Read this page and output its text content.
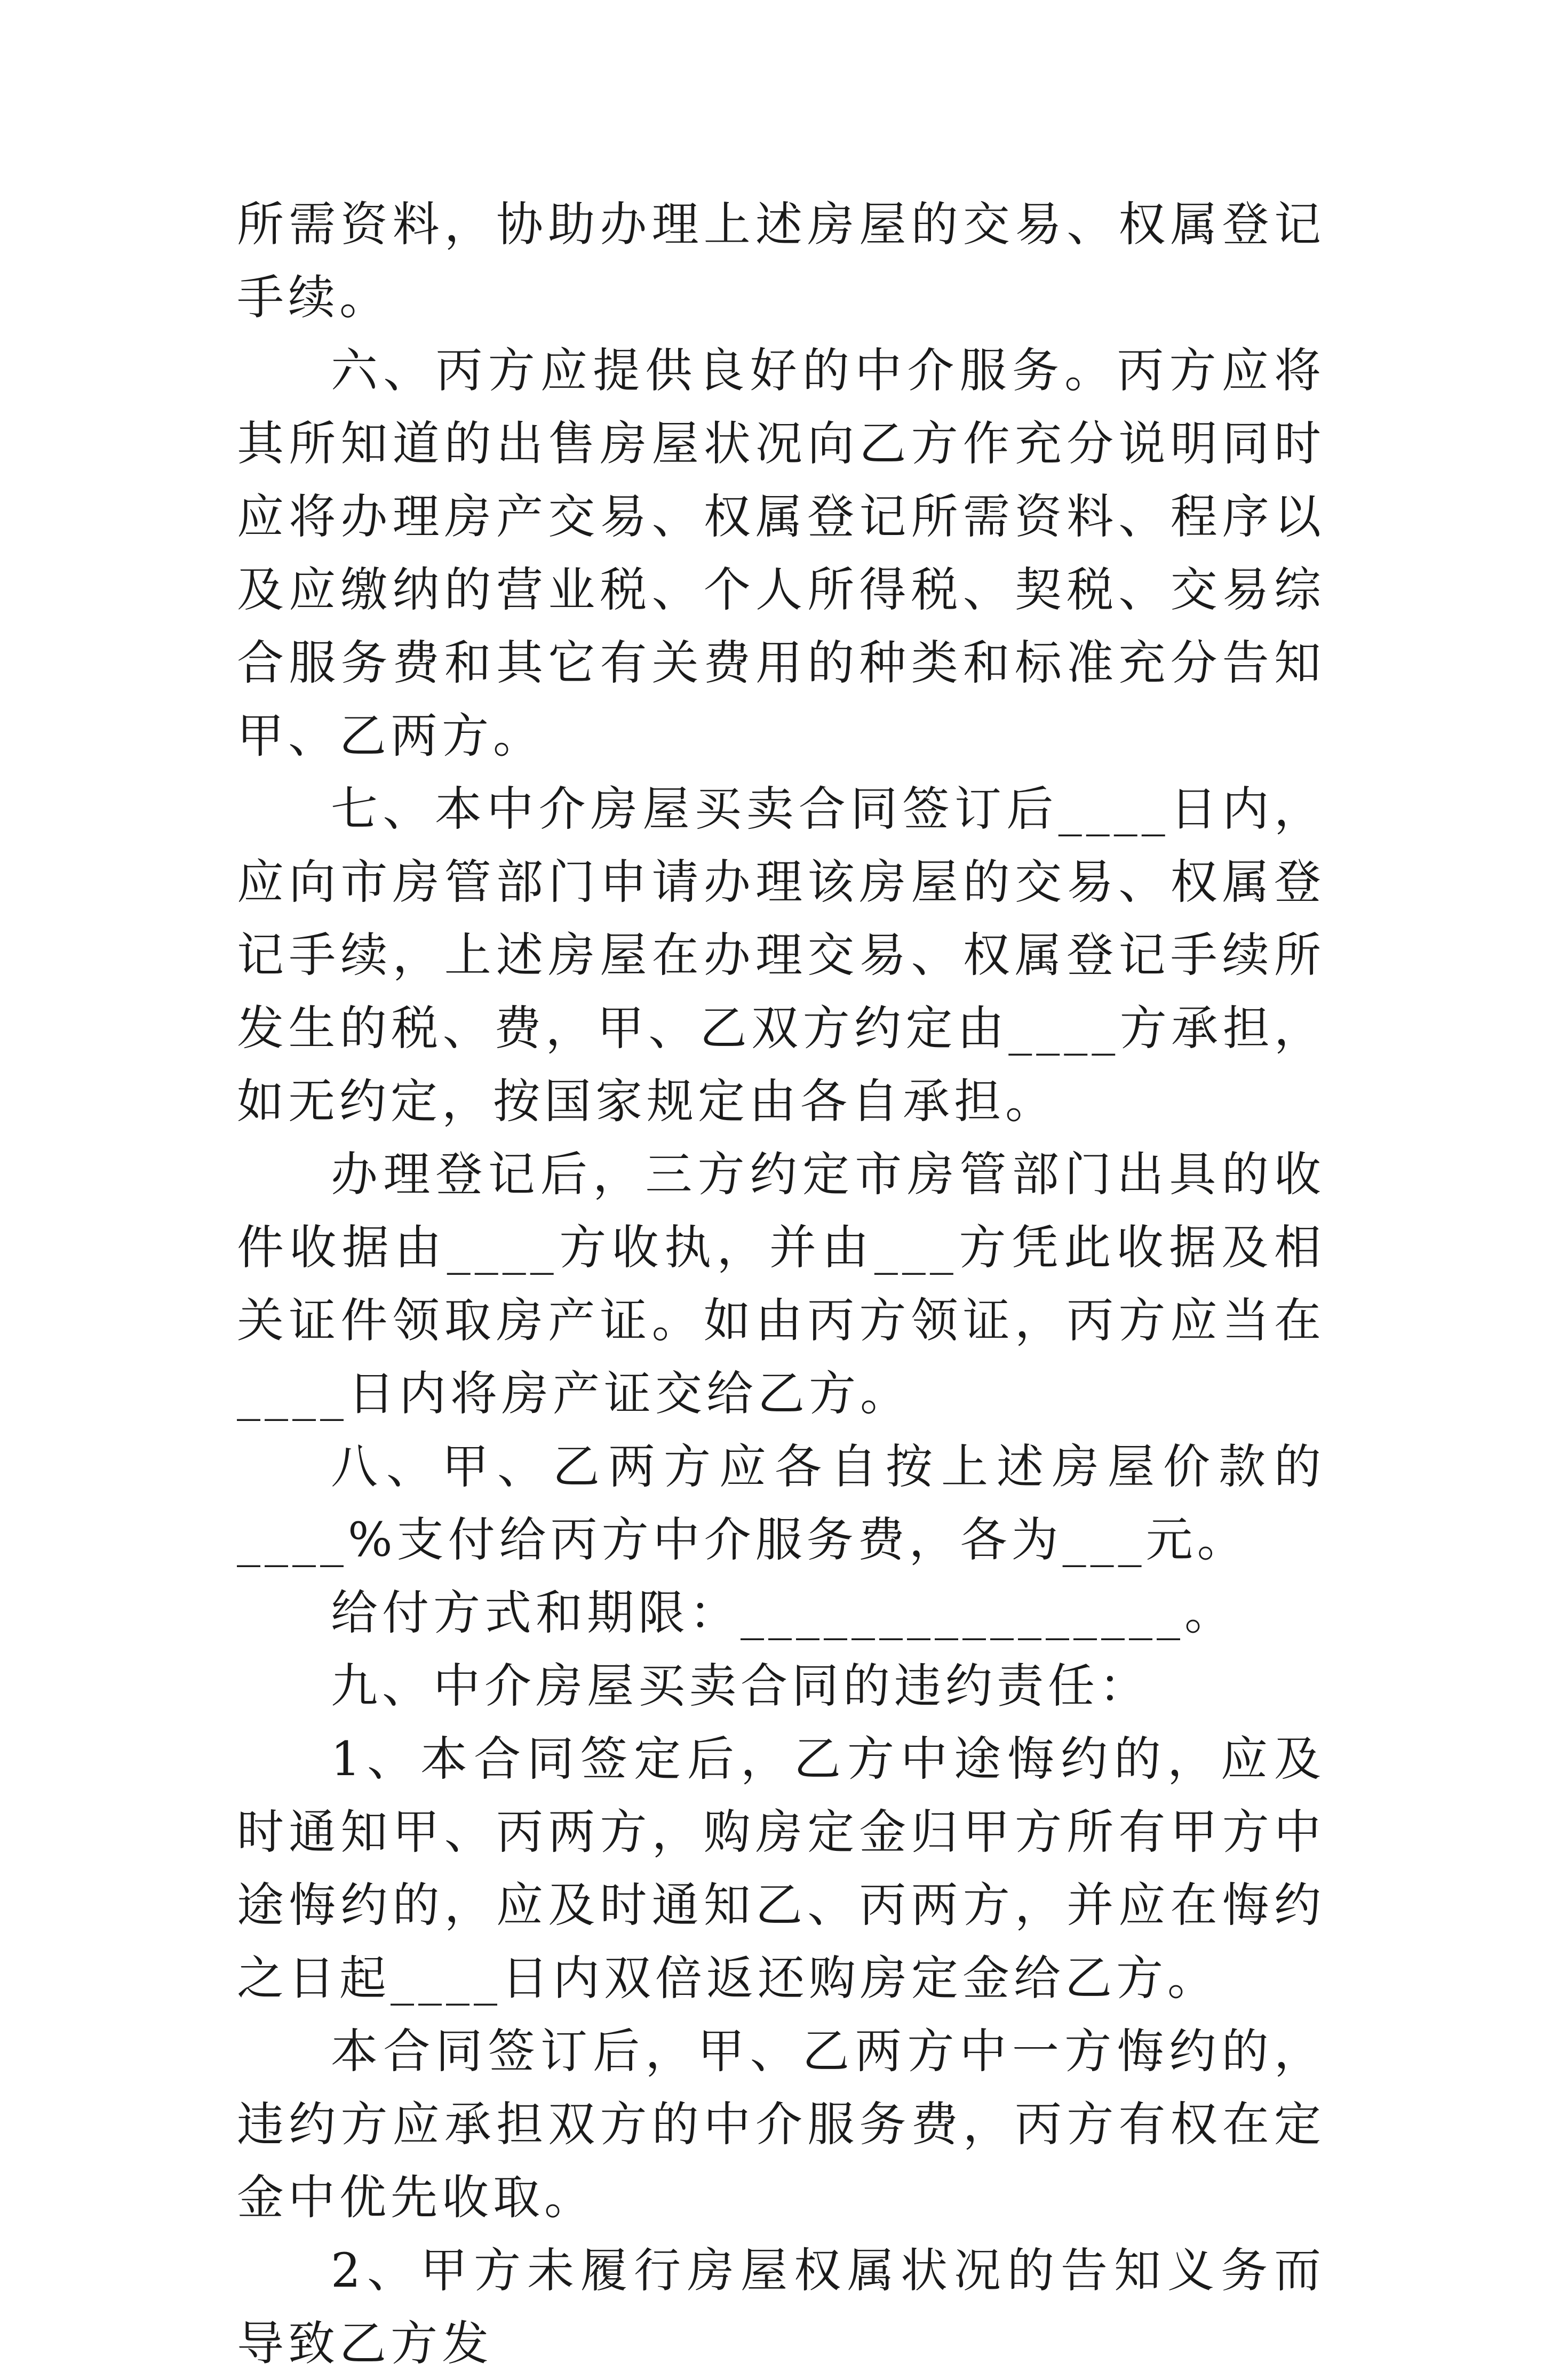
所需资料，协助办理上述房屋的交易、权属登记手续。

六、丙方应提供良好的中介服务。丙方应将其所知道的出售房屋状况向乙方作充分说明同时应将办理房产交易、权属登记所需资料、程序以及应缴纳的营业税、个人所得税、契税、交易综合服务费和其它有关费用的种类和标准充分告知甲、乙两方。

七、本中介房屋买卖合同签订后____日内，应向市房管部门申请办理该房屋的交易、权属登记手续，上述房屋在办理交易、权属登记手续所发生的税、费，甲、乙双方约定由____方承担，如无约定，按国家规定由各自承担。

办理登记后，三方约定市房管部门出具的收件收据由____方收执，并由___方凭此收据及相关证件领取房产证。如由丙方领证，丙方应当在____日内将房产证交给乙方。

八、甲、乙两方应各自按上述房屋价款的____%支付给丙方中介服务费，各为___元。

给付方式和期限：________________。

九、中介房屋买卖合同的违约责任：

1、本合同签定后，乙方中途悔约的，应及时通知甲、丙两方，购房定金归甲方所有甲方中途悔约的，应及时通知乙、丙两方，并应在悔约之日起____日内双倍返还购房定金给乙方。

本合同签订后，甲、乙两方中一方悔约的，违约方应承担双方的中介服务费，丙方有权在定金中优先收取。

2、甲方未履行房屋权属状况的告知义务而导致乙方发
